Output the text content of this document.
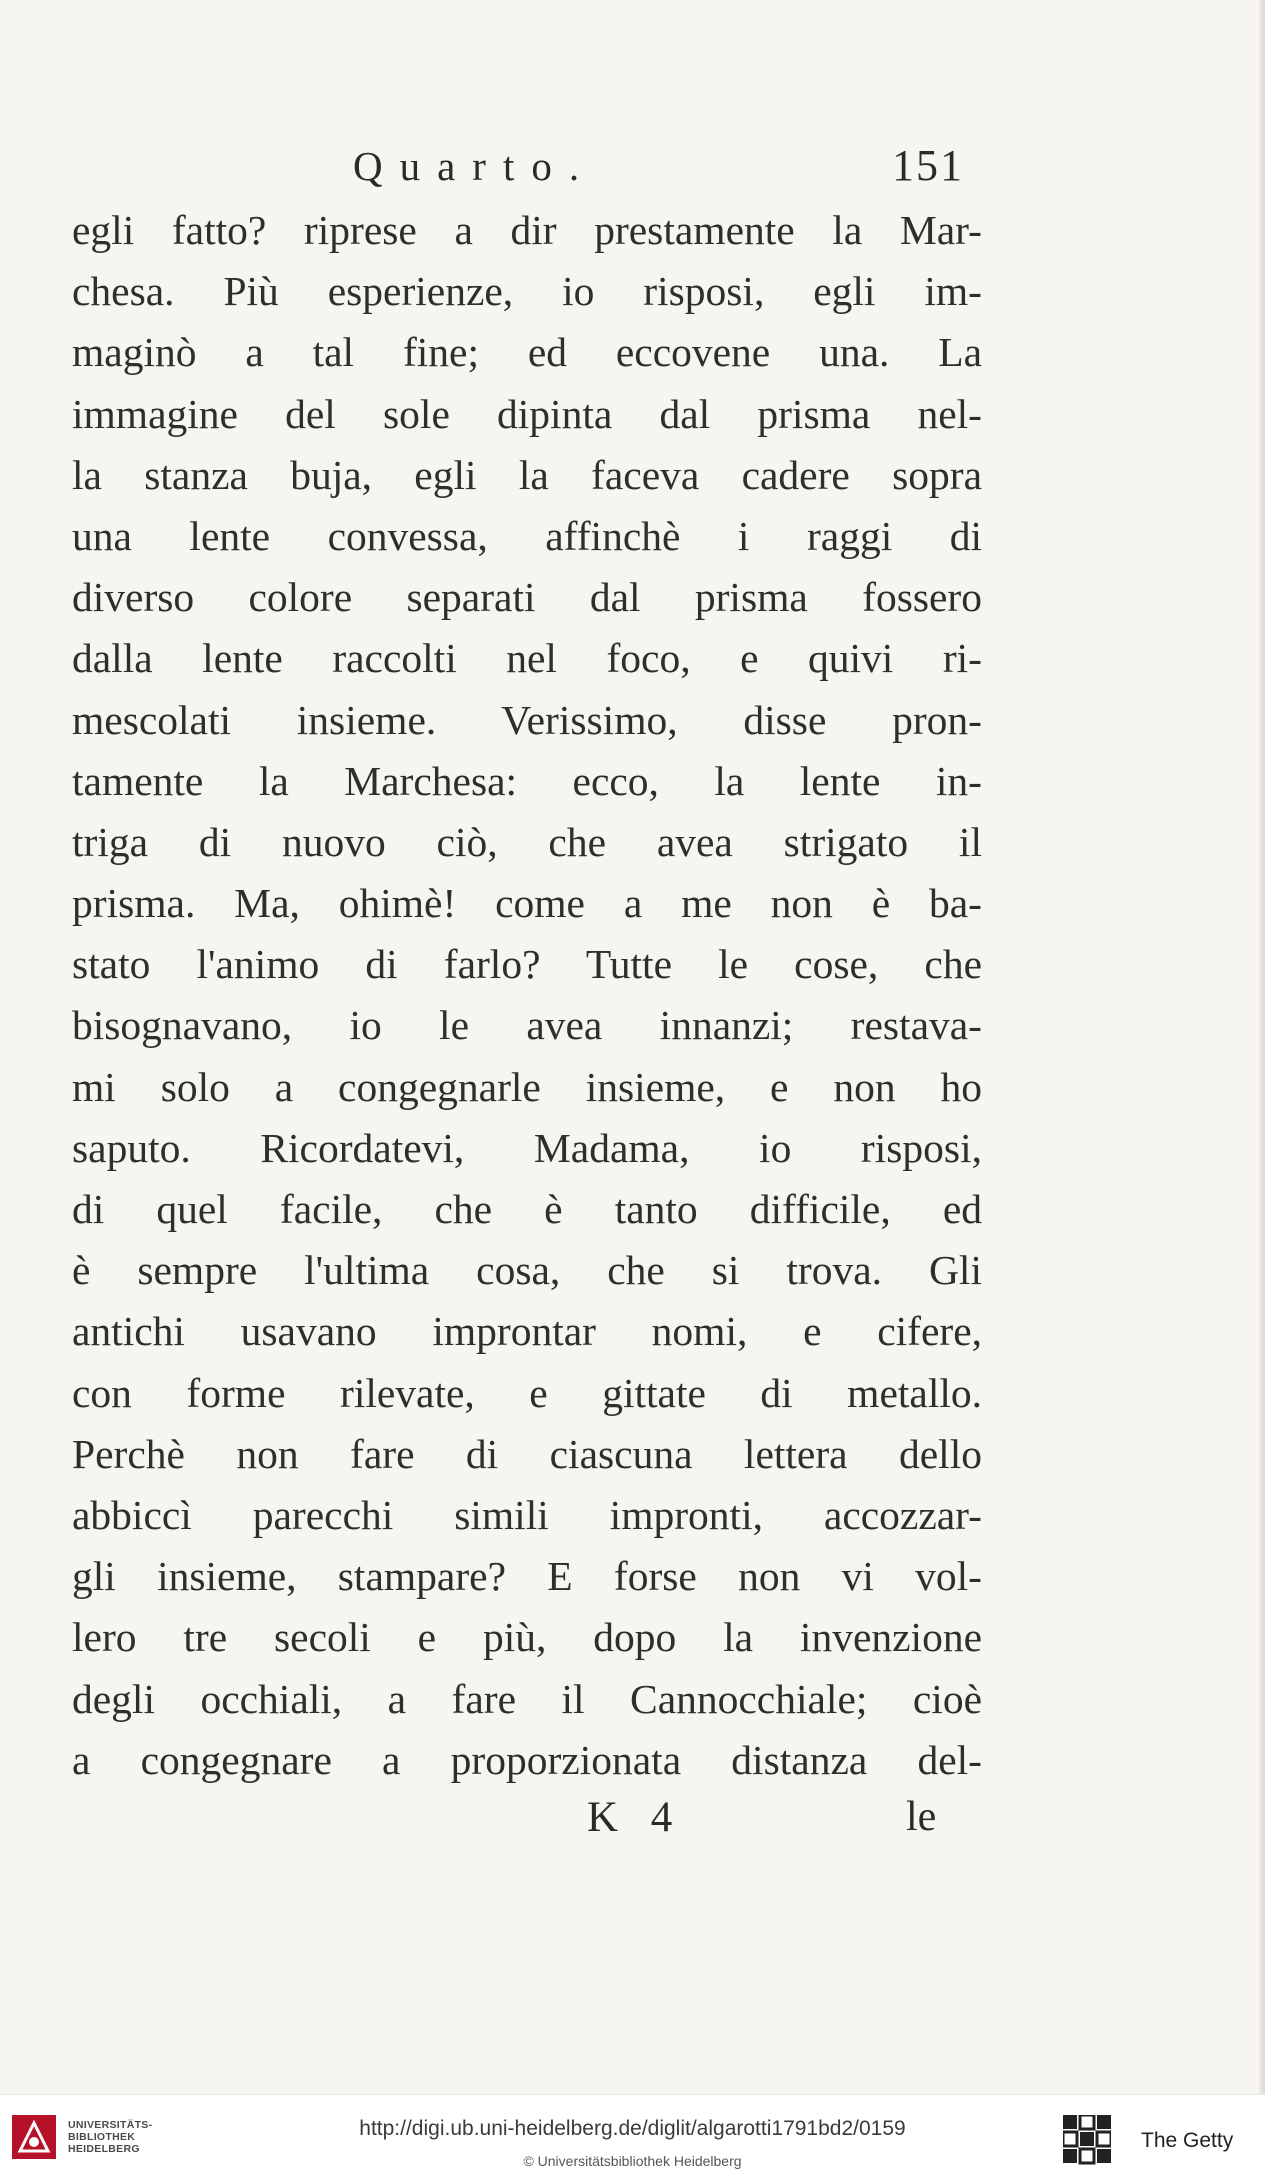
Quarto.	151
egli fatto? riprese a dir prestamente la Mar-
chesa. Più esperienze, io risposi, egli im-
maginò a tal fine; ed eccovene una. La
immagine del sole dipinta dal prisma nel-
la stanza buja, egli la faceva cadere sopra
una lente convessa, affinchè i raggi di
diverso colore separati dal prisma fossero
dalla lente raccolti nel foco, e quivi ri-
mescolati insieme. Verissimo, disse pron-
tamente la Marchesa: ecco, la lente in-
triga di nuovo ciò, che avea strigato il
prisma. Ma, ohimè! come a me non è ba-
stato l'animo di farlo? Tutte le cose, che
bisognavano, io le avea innanzi; restava-
mi solo a congegnarle insieme, e non ho
saputo. Ricordatevi, Madama, io risposi,
di quel facile, che è tanto difficile, ed
è sempre l'ultima cosa, che si trova. Gli
antichi usavano improntar nomi, e cifere,
con forme rilevate, e gittate di metallo.
Perchè non fare di ciascuna lettera dello
abbiccì parecchi simili impronti, accozzar-
gli insieme, stampare? E forse non vi vol-
lero tre secoli e più, dopo la invenzione
degli occhiali, a fare il Cannocchiale; cioè
a congegnare a proporzionata distanza del-
K 4	le
UNIVERSITÄTS-
BIBLIOTHEK
HEIDELBERG
http://digi.ub.uni-heidelberg.de/diglit/algarotti1791bd2/0159
© Universitätsbibliothek Heidelberg
The Getty
